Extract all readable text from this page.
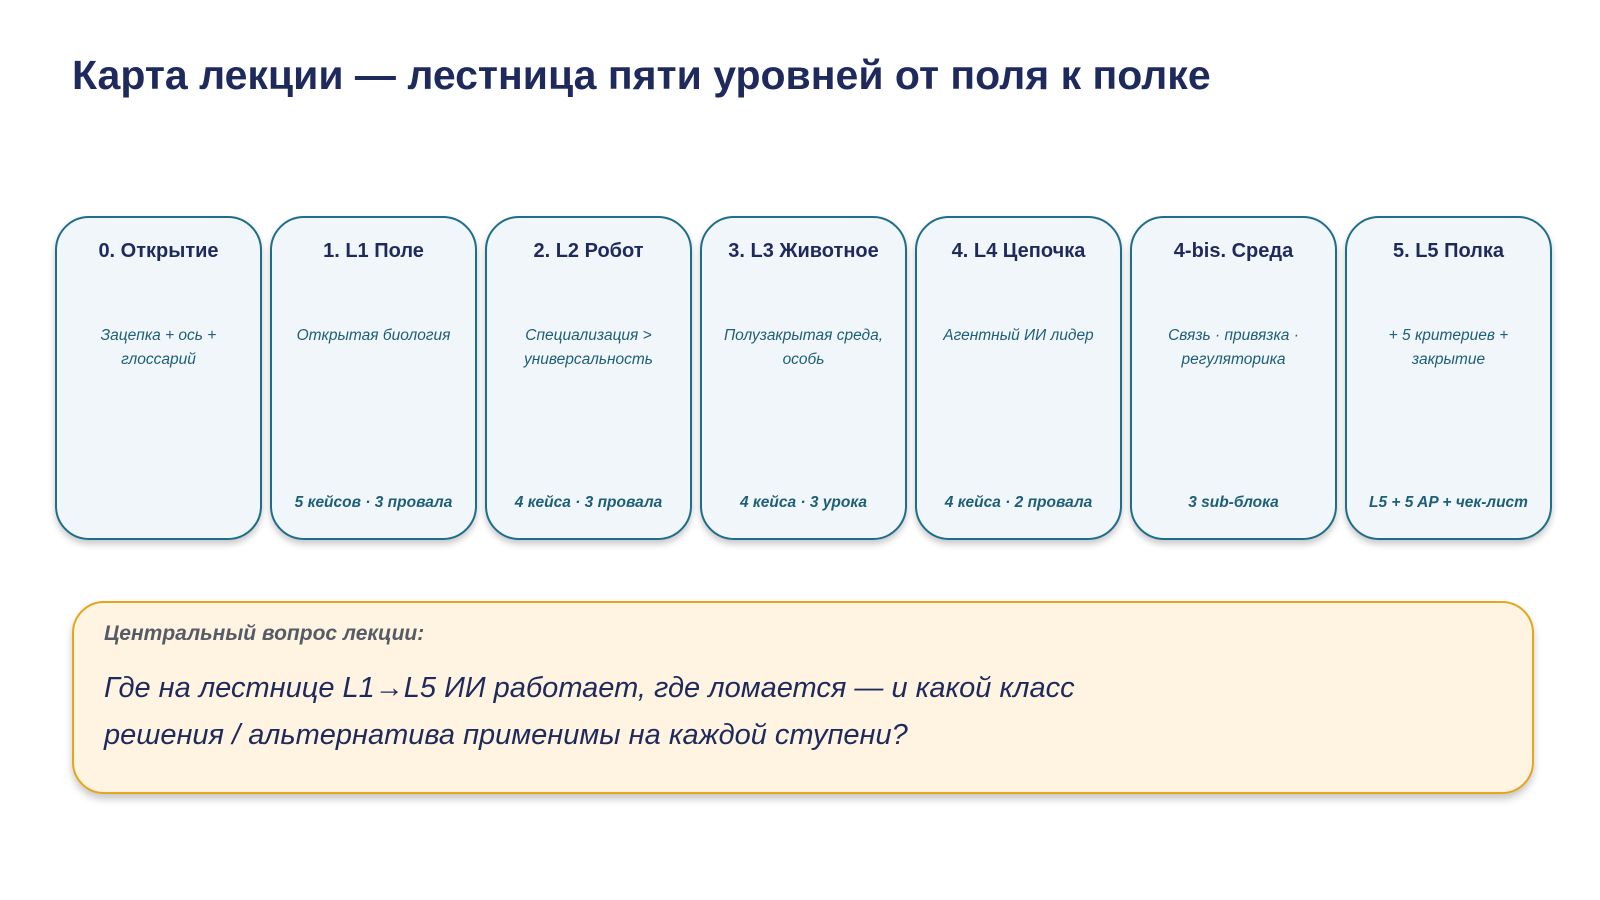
Карта лекции — лестница пяти уровней от поля к полке
0. Открытие
Зацепка + ось + глоссарий
1. L1 Поле
Открытая биология
5 кейсов · 3 провала
2. L2 Робот
Специализация > универсальность
4 кейса · 3 провала
3. L3 Животное
Полузакрытая среда, особь
4 кейса · 3 урока
4. L4 Цепочка
Агентный ИИ лидер
4 кейса · 2 провала
4-bis. Среда
Связь · привязка · регуляторика
3 sub-блока
5. L5 Полка
+ 5 критериев + закрытие
L5 + 5 AP + чек-лист
Центральный вопрос лекции:
Где на лестнице L1→L5 ИИ работает, где ломается — и какой класс решения / альтернатива применимы на каждой ступени?
